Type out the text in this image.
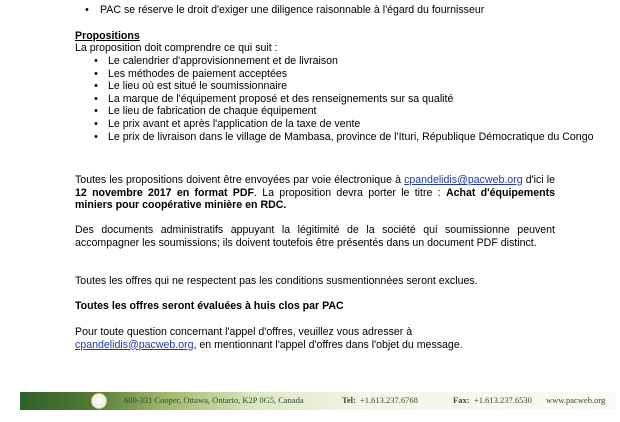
• PAC se réserve le droit d'exiger une diligence raisonnable à l'égard du fournisseur
Propositions
La proposition doit comprendre ce qui suit :
• Le calendrier d'approvisionnement et de livraison
• Les méthodes de paiement acceptées
• Le lieu où est situé le soumissionnaire
• La marque de l'équipement proposé et des renseignements sur sa qualité
• Le lieu de fabrication de chaque équipement
• Le prix avant et après l'application de la taxe de vente
• Le prix de livraison dans le village de Mambasa, province de l'Ituri, République Démocratique du Congo
Toutes les propositions doivent être envoyées par voie électronique à cpandelidis@pacweb.org d'ici le 12 novembre 2017 en format PDF. La proposition devra porter le titre : Achat d'équipements miniers pour coopérative minière en RDC.
Des documents administratifs appuyant la légitimité de la société qui soumissionne peuvent accompagner les soumissions; ils doivent toutefois être présentés dans un document PDF distinct.
Toutes les offres qui ne respectent pas les conditions susmentionnées seront exclues.
Toutes les offres seront évaluées à huis clos par PAC
Pour toute question concernant l'appel d'offres, veuillez vous adresser à
cpandelidis@pacweb.org, en mentionnant l'appel d'offres dans l'objet du message.
600-331 Cooper, Ottawa, Ontario, K2P 0G5, Canada	Tel: +1.613.237.6768	Fax: +1.613.237.6530 www.pacweb.org
